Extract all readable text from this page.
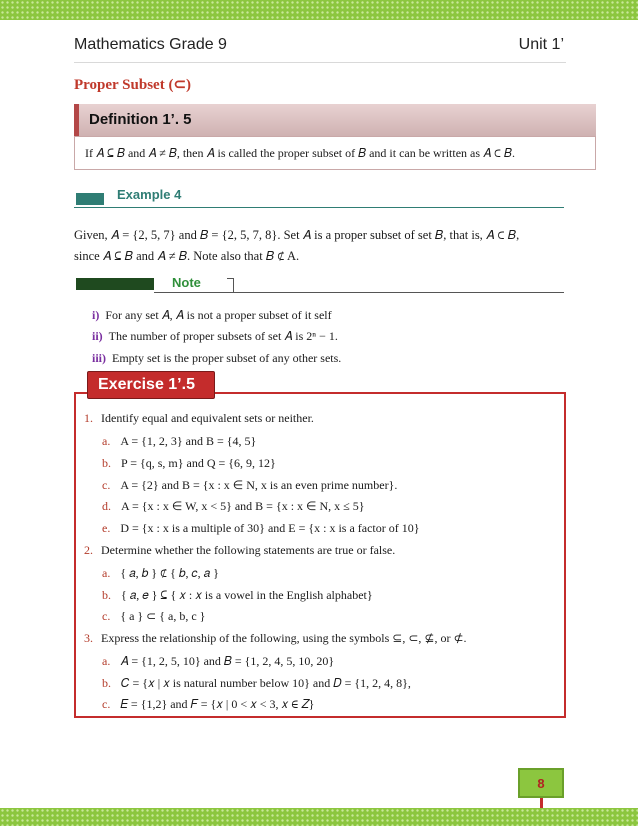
Mathematics Grade 9	Unit 1’
Proper Subset (⊂)
Definition 1’. 5
If 𝐴 ⊆ 𝐵 and 𝐴 ≠ 𝐵, then 𝐴 is called the proper subset of 𝐵 and it can be written as 𝐴 ⊂ 𝐵.
Example 4
Given, 𝐴 = {2, 5, 7} and 𝐵 = {2, 5, 7, 8}. Set 𝐴 is a proper subset of set 𝐵, that is, 𝐴 ⊂ 𝐵,
since 𝐴 ⊆ 𝐵 and 𝐴 ≠ 𝐵. Note also that 𝐵 ⊄ A.
Note
i) For any set 𝐴, 𝐴 is not a proper subset of it self
ii) The number of proper subsets of set 𝐴 is 2ⁿ − 1.
iii) Empty set is the proper subset of any other sets.
Exercise 1’.5
1. Identify equal and equivalent sets or neither.
a. A = {1, 2, 3} and B = {4, 5}
b. P = {q, s, m} and Q = {6, 9, 12}
c. A = {2} and B = {x : x ∈ N, x is an even prime number}.
d. A = {x : x ∈ W, x < 5} and B = {x : x ∈ N, x ≤ 5}
e. D = {x : x is a multiple of 30} and E = {x : x is a factor of 10}
2. Determine whether the following statements are true or false.
a. { 𝑎, 𝑏 } ⊄ { 𝑏, 𝑐, 𝑎 }
b. { 𝑎, 𝑒 } ⊆ { 𝑥 : 𝑥 is a vowel in the English alphabet}
c. { a } ⊂ { a, b, c }
3. Express the relationship of the following, using the symbols ⊆, ⊂, ⊈, or ⊄.
a. 𝐴 = {1, 2, 5, 10} and 𝐵 = {1, 2, 4, 5, 10, 20}
b. 𝐶 = {𝑥 | 𝑥 is natural number below 10} and 𝐷 = {1, 2, 4, 8},
c. 𝐸 = {1,2} and 𝐹 = {𝑥 | 0 < 𝑥 < 3, 𝑥 ∈ 𝑍}
8
